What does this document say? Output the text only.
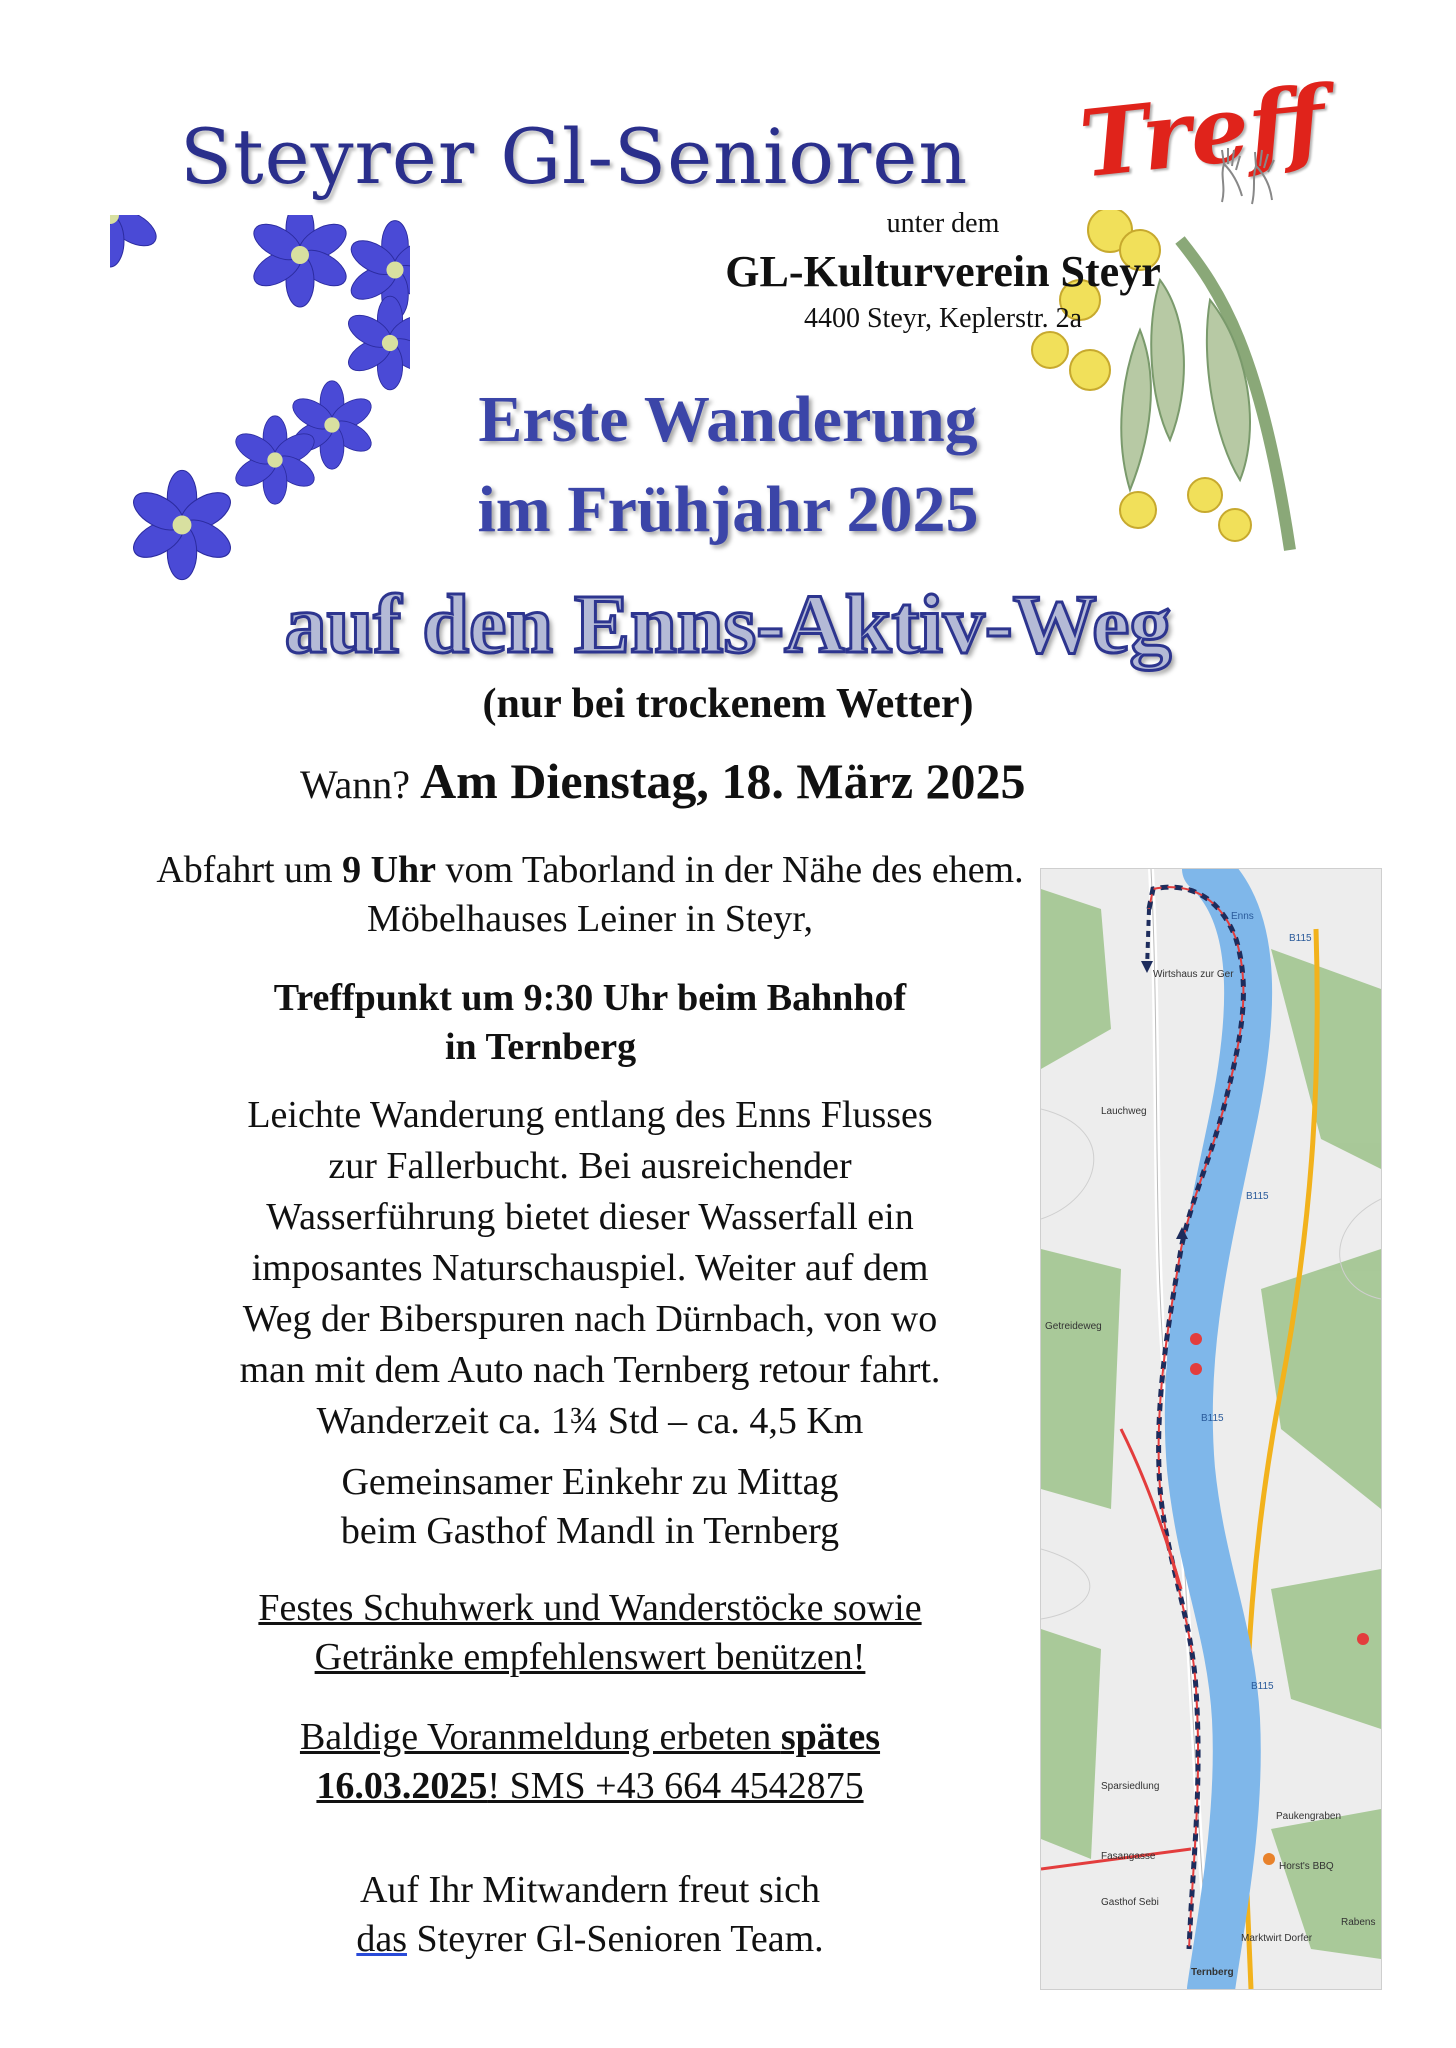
Steyrer Gl-Senioren Treff
unter dem
GL-Kulturverein Steyr
4400 Steyr, Keplerstr. 2a
Erste Wanderung
im Frühjahr 2025
auf den Enns-Aktiv-Weg
(nur bei trockenem Wetter)
Wann? Am Dienstag, 18. März 2025
Abfahrt um 9 Uhr vom Taborland in der Nähe des ehem. Möbelhauses Leiner in Steyr,
Treffpunkt um 9:30 Uhr beim Bahnhof
in Ternberg
Leichte Wanderung entlang des Enns Flusses
zur Fallerbucht. Bei ausreichender
Wasserführung bietet dieser Wasserfall ein
imposantes Naturschauspiel. Weiter auf dem
Weg der Biberspuren nach Dürnbach, von wo
man mit dem Auto nach Ternberg retour fahrt.
Wanderzeit ca. 1¾ Std – ca. 4,5 Km
Gemeinsamer Einkehr zu Mittag
beim Gasthof Mandl in Ternberg
Festes Schuhwerk und Wanderstöcke sowie
Getränke empfehlenswert benützen!
Baldige Voranmeldung erbeten spätes
16.03.2025! SMS +43 664 4542875
Auf Ihr Mitwandern freut sich
das Steyrer Gl-Senioren Team.
Wirtshaus zur Ger
B115
B115
B115
B115
Lauchweg
Getreideweg
Paukengraben
Horst's BBQ
Sparsiedlung
Fasangasse
Gasthof Sebi
Marktwirt Dorfer
Ternberg
Rabens
Enns
